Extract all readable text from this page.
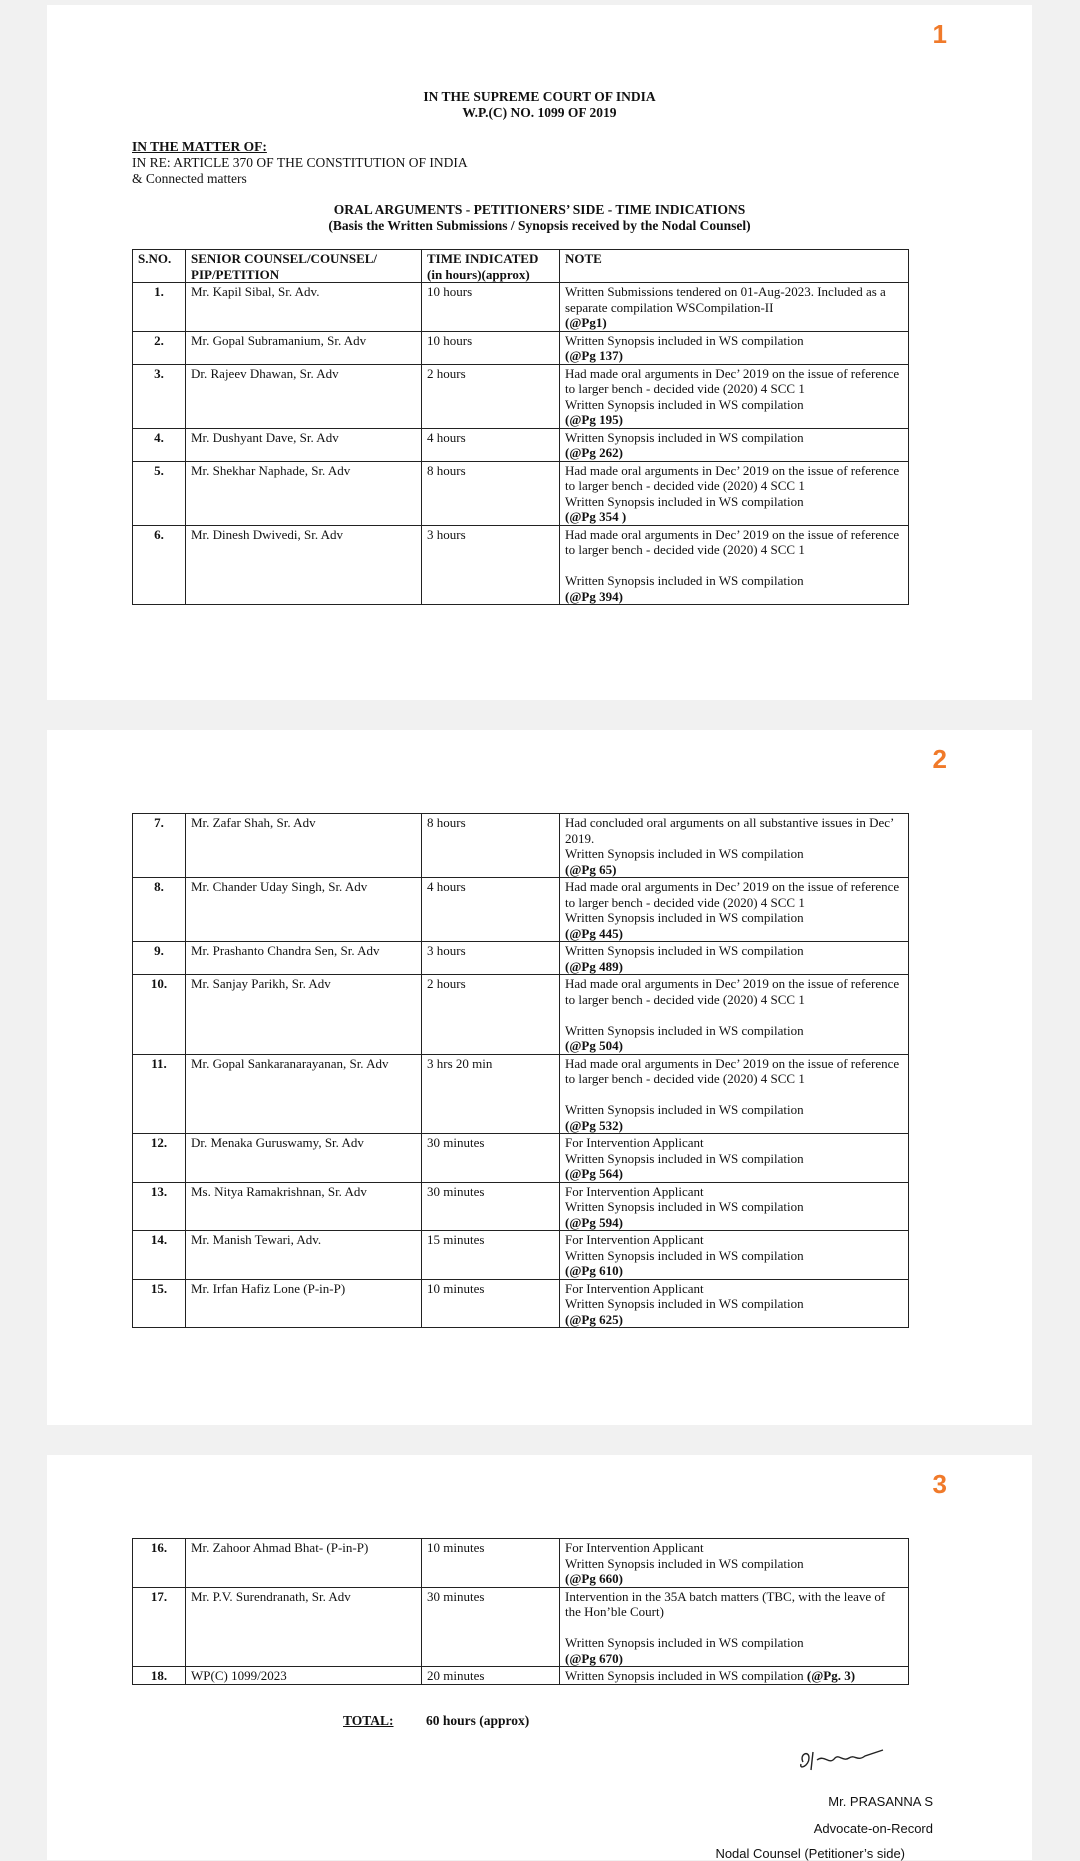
1
IN THE SUPREME COURT OF INDIA
W.P.(C) NO. 1099 OF 2019
IN THE MATTER OF:
IN RE: ARTICLE 370 OF THE CONSTITUTION OF INDIA
& Connected matters
ORAL ARGUMENTS - PETITIONERS’ SIDE - TIME INDICATIONS
(Basis the Written Submissions / Synopsis received by the Nodal Counsel)
S.NO.	SENIOR COUNSEL/COUNSEL/ PIP/PETITION	TIME INDICATED (in hours)(approx)	NOTE
1.	Mr. Kapil Sibal, Sr. Adv.	10 hours	Written Submissions tendered on 01-Aug-2023. Included as a separate compilation WSCompilation-II
(@Pg1)

2.	Mr. Gopal Subramanium, Sr. Adv	10 hours	Written Synopsis included in WS compilation
(@Pg 137)

3.	Dr. Rajeev Dhawan, Sr. Adv	2 hours	Had made oral arguments in Dec’ 2019 on the issue of reference to larger bench - decided vide (2020) 4 SCC 1
Written Synopsis included in WS compilation
(@Pg 195)

4.	Mr. Dushyant Dave, Sr. Adv	4 hours	Written Synopsis included in WS compilation
(@Pg 262)

5.	Mr. Shekhar Naphade, Sr. Adv	8 hours	Had made oral arguments in Dec’ 2019 on the issue of reference to larger bench - decided vide (2020) 4 SCC 1
Written Synopsis included in WS compilation
(@Pg 354 )

6.	Mr. Dinesh Dwivedi, Sr. Adv	3 hours	Had made oral arguments in Dec’ 2019 on the issue of reference to larger bench - decided vide (2020) 4 SCC 1
Written Synopsis included in WS compilation
(@Pg 394)
2
7.	Mr. Zafar Shah, Sr. Adv	8 hours	Had concluded oral arguments on all substantive issues in Dec’ 2019.
Written Synopsis included in WS compilation
(@Pg 65)

8.	Mr. Chander Uday Singh, Sr. Adv	4 hours	Had made oral arguments in Dec’ 2019 on the issue of reference to larger bench - decided vide (2020) 4 SCC 1
Written Synopsis included in WS compilation
(@Pg 445)

9.	Mr. Prashanto Chandra Sen, Sr. Adv	3 hours	Written Synopsis included in WS compilation
(@Pg 489)

10.	Mr. Sanjay Parikh, Sr. Adv	2 hours	Had made oral arguments in Dec’ 2019 on the issue of reference to larger bench - decided vide (2020) 4 SCC 1
Written Synopsis included in WS compilation
(@Pg 504)

11.	Mr. Gopal Sankaranarayanan, Sr. Adv	3 hrs 20 min	Had made oral arguments in Dec’ 2019 on the issue of reference to larger bench - decided vide (2020) 4 SCC 1
Written Synopsis included in WS compilation
(@Pg 532)

12.	Dr. Menaka Guruswamy, Sr. Adv	30 minutes	For Intervention Applicant
Written Synopsis included in WS compilation
(@Pg 564)

13.	Ms. Nitya Ramakrishnan, Sr. Adv	30 minutes	For Intervention Applicant
Written Synopsis included in WS compilation
(@Pg 594)

14.	Mr. Manish Tewari, Adv.	15 minutes	For Intervention Applicant
Written Synopsis included in WS compilation
(@Pg 610)

15.	Mr. Irfan Hafiz Lone (P-in-P)	10 minutes	For Intervention Applicant
Written Synopsis included in WS compilation
(@Pg 625)
3
16.	Mr. Zahoor Ahmad Bhat- (P-in-P)	10 minutes	For Intervention Applicant
Written Synopsis included in WS compilation
(@Pg 660)

17.	Mr. P.V. Surendranath, Sr. Adv	30 minutes	Intervention in the 35A batch matters (TBC, with the leave of the Hon’ble Court)
Written Synopsis included in WS compilation
(@Pg 670)

18.	WP(C) 1099/2023	20 minutes	Written Synopsis included in WS compilation (@Pg. 3)
TOTAL: 60 hours (approx)
Mr. PRASANNA S
Advocate-on-Record
Nodal Counsel (Petitioner’s side)
